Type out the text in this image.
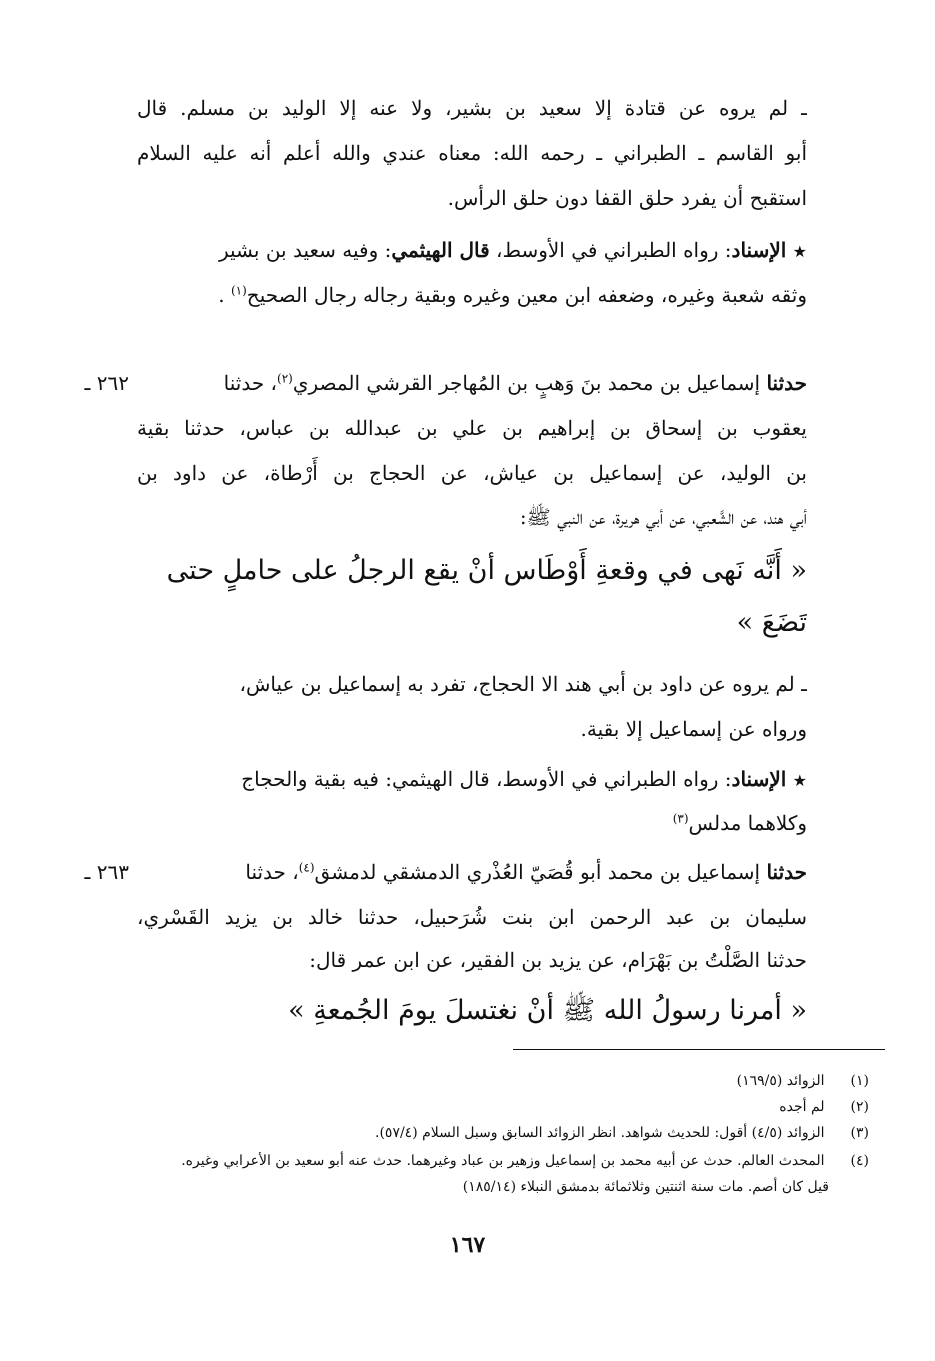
ـ لم يروه عن قتادة إلا سعيد بن بشير، ولا عنه إلا الوليد بن مسلم. قال
أبو القاسم ـ الطبراني ـ رحمه الله: معناه عندي والله أعلم أنه عليه السلام
استقبح أن يفرد حلق القفا دون حلق الرأس.
★ الإسناد: رواه الطبراني في الأوسط، قال الهيثمي: وفيه سعيد بن بشير
وثقه شعبة وغيره، وضعفه ابن معين وغيره وبقية رجاله رجال الصحيح$^{(١)}$ .
٢٦٢ ـ	حدثنا إسماعيل بن محمد بنَ وَهبٍ بن المُهاجر القرشي المصري$^{(٢)}$، حدثنا
يعقوب بن إسحاق بن إبراهيم بن علي بن عبدالله بن عباس، حدثنا بقية
بن الوليد، عن إسماعيل بن عياش، عن الحجاج بن أَرْطاة، عن داود بن
أبي هند، عن الشَّعبي، عن أبي هريرة، عن النبي ﷺ:
« أَنَّه نَهى في وقعةِ أَوْطَاس أنْ يقع الرجلُ على حاملٍ حتى
تَضَعَ »
ـ لم يروه عن داود بن أبي هند الا الحجاج، تفرد به إسماعيل بن عياش،
ورواه عن إسماعيل إلا بقية.
★ الإسناد: رواه الطبراني في الأوسط، قال الهيثمي: فيه بقية والحجاج
وكلاهما مدلس$^{(٣)}$
٢٦٣ ـ	حدثنا إسماعيل بن محمد أبو قُصَيّ العُذْري الدمشقي لدمشق$^{(٤)}$، حدثنا
سليمان بن عبد الرحمن ابن بنت شُرَحبيل، حدثنا خالد بن يزيد القَسْري،
حدثنا الصَّلْتُ بن بَهْرَام، عن يزيد بن الفقير، عن ابن عمر قال:
« أمرنا رسولُ الله ﷺ أنْ نغتسلَ يومَ الجُمعةِ »
(١) الزوائد (١٦٩/٥)
(٢) لم أجده
(٣) الزوائد (٤/٥) أقول: للحديث شواهد. انظر الزوائد السابق وسبل السلام (٥٧/٤).
(٤) المحدث العالم. حدث عن أبيه محمد بن إسماعيل وزهير بن عباد وغيرهما. حدث عنه أبو سعيد بن الأعرابي وغيره.
قيل كان أصم. مات سنة اثنتين وثلاثمائة بدمشق النبلاء (١٨٥/١٤)
١٦٧
